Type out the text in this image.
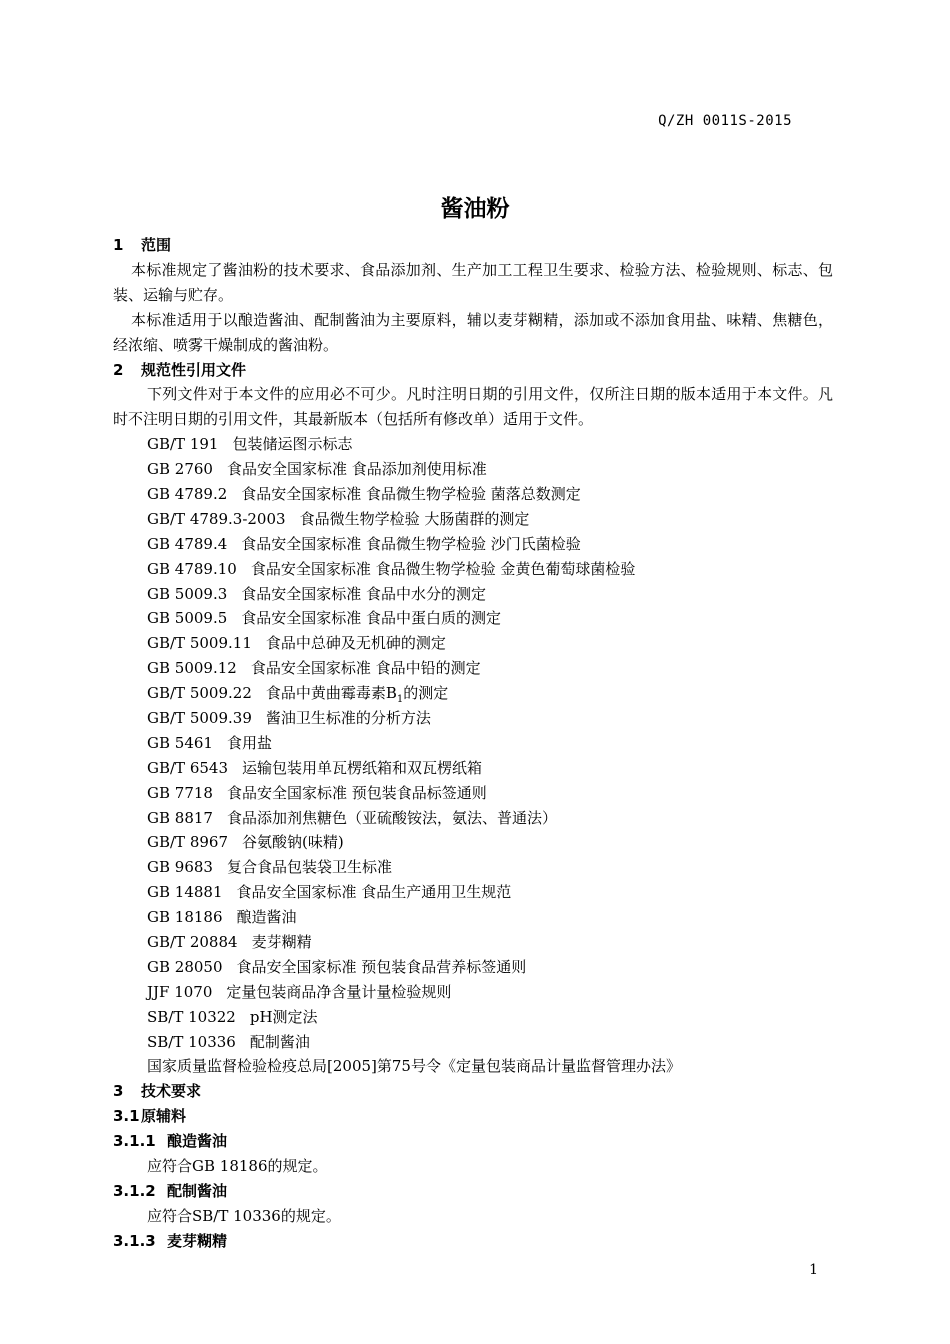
Q/ZH 0011S-2015
酱油粉
1 范围
本标准规定了酱油粉的技术要求、食品添加剂、生产加工工程卫生要求、检验方法、检验规则、标志、包装、运输与贮存。
本标准适用于以酿造酱油、配制酱油为主要原料，辅以麦芽糊精，添加或不添加食用盐、味精、焦糖色，经浓缩、喷雾干燥制成的酱油粉。
2 规范性引用文件
下列文件对于本文件的应用必不可少。凡时注明日期的引用文件，仅所注日期的版本适用于本文件。凡时不注明日期的引用文件，其最新版本（包括所有修改单）适用于文件。
GB/T 191 包装储运图示标志
GB 2760 食品安全国家标准 食品添加剂使用标准
GB 4789.2 食品安全国家标准 食品微生物学检验 菌落总数测定
GB/T 4789.3-2003 食品微生物学检验 大肠菌群的测定
GB 4789.4 食品安全国家标准 食品微生物学检验 沙门氏菌检验
GB 4789.10 食品安全国家标准 食品微生物学检验 金黄色葡萄球菌检验
GB 5009.3 食品安全国家标准 食品中水分的测定
GB 5009.5 食品安全国家标准 食品中蛋白质的测定
GB/T 5009.11 食品中总砷及无机砷的测定
GB 5009.12 食品安全国家标准 食品中铅的测定
GB/T 5009.22 食品中黄曲霉毒素$B_1$的测定
GB/T 5009.39 酱油卫生标准的分析方法
GB 5461 食用盐
GB/T 6543 运输包装用单瓦楞纸箱和双瓦楞纸箱
GB 7718 食品安全国家标准 预包装食品标签通则
GB 8817 食品添加剂焦糖色（亚硫酸铵法，氨法、普通法）
GB/T 8967 谷氨酸钠(味精)
GB 9683 复合食品包装袋卫生标准
GB 14881 食品安全国家标准 食品生产通用卫生规范
GB 18186 酿造酱油
GB/T 20884 麦芽糊精
GB 28050 食品安全国家标准 预包装食品营养标签通则
JJF 1070 定量包装商品净含量计量检验规则
SB/T 10322 pH测定法
SB/T 10336 配制酱油
国家质量监督检验检疫总局[2005]第75号令《定量包装商品计量监督管理办法》
3 技术要求
3.1原辅料
3.1.1 酿造酱油
应符合GB 18186的规定。
3.1.2 配制酱油
应符合SB/T 10336的规定。
3.1.3 麦芽糊精
1
